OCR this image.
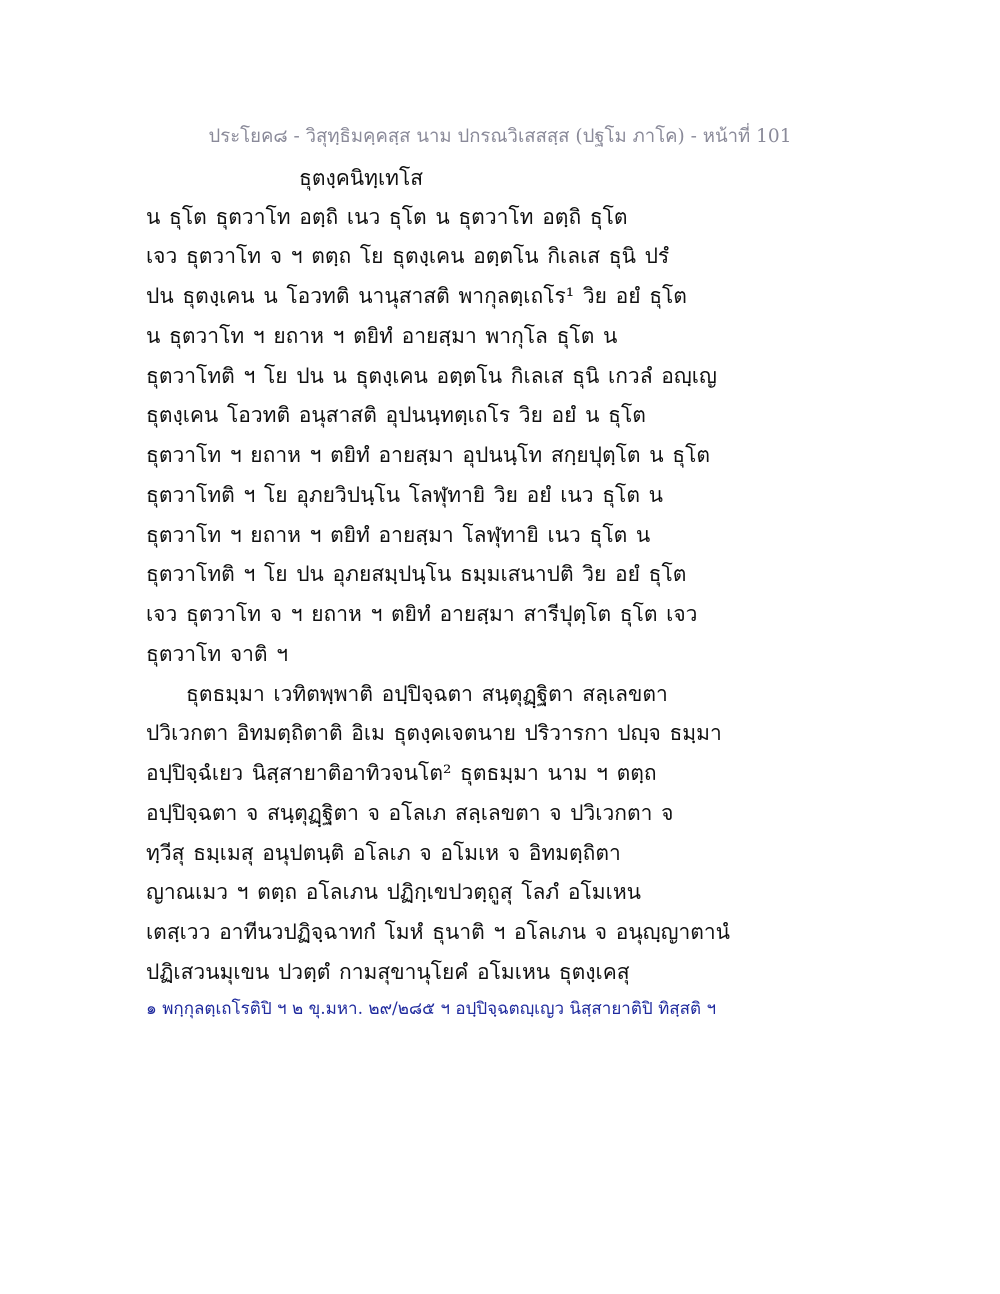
ประโยค๘ - วิสุทฺธิมคฺคสฺส นาม ปกรณวิเสสสฺส (ปฐโม ภาโค) - หน้าที่ 101
ธุตงฺคนิทฺเทโส
น ธุโต ธุตวาโท อตฺถิ เนว ธุโต น ธุตวาโท อตฺถิ ธุโต
เจว ธุตวาโท จ ฯ ตตฺถ โย ธุตงฺเคน อตฺตโน กิเลเส ธุนิ ปรํ
ปน ธุตงฺเคน น โอวทติ นานุสาสติ พากุลตฺเถโร¹ วิย อยํ ธุโต
น ธุตวาโท ฯ ยถาห ฯ ตยิทํ อายสฺมา พากุโล ธุโต น
ธุตวาโทติ ฯ โย ปน น ธุตงฺเคน อตฺตโน กิเลเส ธุนิ เกวลํ อญฺเญ
ธุตงฺเคน โอวทติ อนุสาสติ อุปนนฺทตฺเถโร วิย อยํ น ธุโต
ธุตวาโท ฯ ยถาห ฯ ตยิทํ อายสฺมา อุปนนฺโท สกฺยปุตฺโต น ธุโต
ธุตวาโทติ ฯ โย อุภยวิปนฺโน โลฬุทายิ วิย อยํ เนว ธุโต น
ธุตวาโท ฯ ยถาห ฯ ตยิทํ อายสฺมา โลฬุทายิ เนว ธุโต น
ธุตวาโทติ ฯ โย ปน อุภยสมฺปนฺโน ธมฺมเสนาปติ วิย อยํ ธุโต
เจว ธุตวาโท จ ฯ ยถาห ฯ ตยิทํ อายสฺมา สารีปุตฺโต ธุโต เจว
ธุตวาโท จาติ ฯ
ธุตธมฺมา เวทิตพฺพาติ อปฺปิจฺฉตา สนฺตุฏฺฐิตา สลฺเลขตา
ปวิเวกตา อิทมตฺถิตาติ อิเม ธุตงฺคเจตนาย ปริวารกา ปญฺจ ธมฺมา
อปฺปิจฺฉํเยว นิสฺสายาติอาทิวจนโต² ธุตธมฺมา นาม ฯ ตตฺถ
อปฺปิจฺฉตา จ สนฺตุฏฺฐิตา จ อโลเภ สลฺเลขตา จ ปวิเวกตา จ
ทฺวีสุ ธมฺเมสุ อนุปตนฺติ อโลเภ จ อโมเห จ อิทมตฺถิตา
ญาณเมว ฯ ตตฺถ อโลเภน ปฏิกฺเขปวตฺถูสุ โลภํ อโมเหน
เตสฺเวว อาทีนวปฏิจฺฉาทกํ โมหํ ธุนาติ ฯ อโลเภน จ อนุญฺญาตานํ
ปฏิเสวนมุเขน ปวตฺตํ กามสุขานุโยคํ อโมเหน ธุตงฺเคสุ
๑ พกฺกุลตฺเถโรติปิ ฯ ๒ ขุ.มหา. ๒๙/๒๘๕ ฯ อปฺปิจฺฉตญฺเญว นิสฺสายาติปิ ทิสฺสติ ฯ
